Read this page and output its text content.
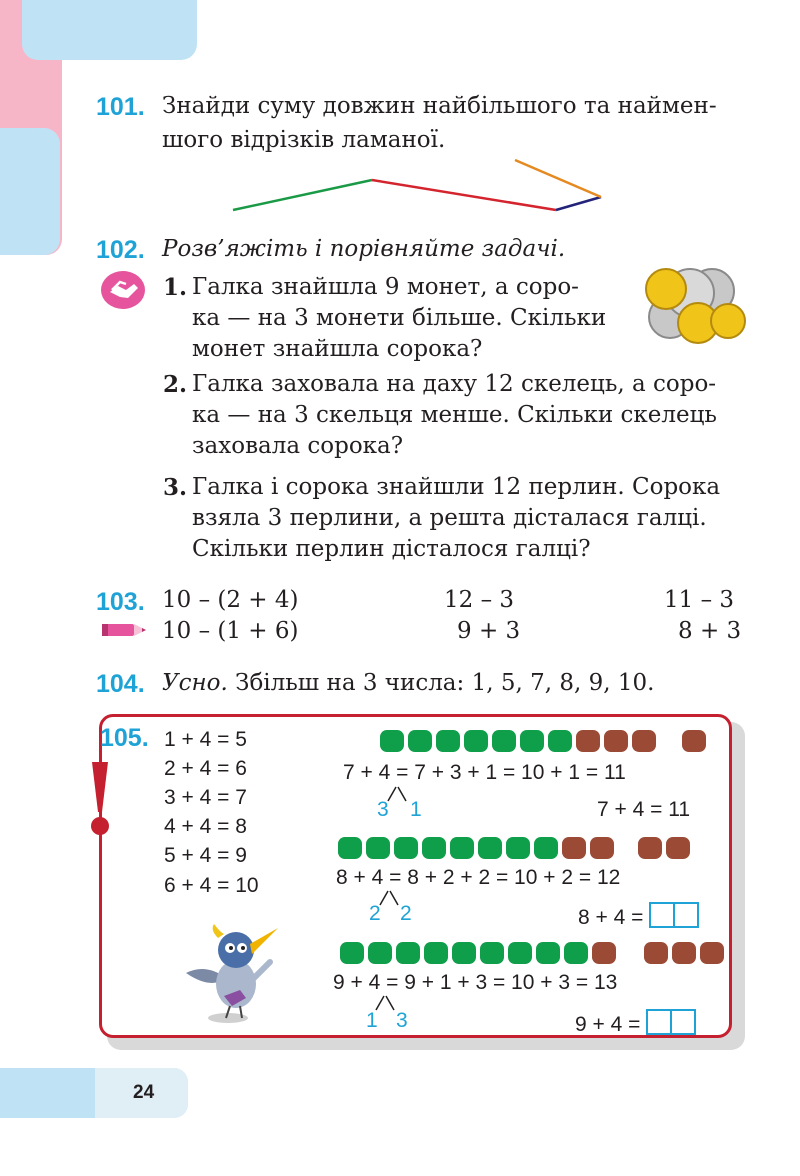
101. Знайди суму довжин найбільшого та наймен-
шого відрізків ламаної.
102. Розв’яжіть і порівняйте задачі.
1. Галка знайшла 9 монет, а соро-
ка — на 3 монети більше. Скільки
монет знайшла сорока?
2. Галка заховала на даху 12 скелець, а соро-
ка — на 3 скельця менше. Скільки скелець
заховала сорока?
3. Галка і сорока знайшли 12 перлин. Сорока
взяла 3 перлини, а решта дісталася галці.
Скільки перлин дісталося галці?
103. 10 – (2 + 4)	12 – 3	11 – 3
10 – (1 + 6)	9 + 3	8 + 3
104. Усно. Збільш на 3 числа: 1, 5, 7, 8, 9, 10.
105. 1 + 4 = 5
2 + 4 = 6
3 + 4 = 7
4 + 4 = 8
5 + 4 = 9
6 + 4 = 10
7 + 4 = 7 + 3 + 1 = 10 + 1 = 11
3 1	7 + 4 = 11
8 + 4 = 8 + 2 + 2 = 10 + 2 = 12
2 2	8 + 4 =
9 + 4 = 9 + 1 + 3 = 10 + 3 = 13
1 3	9 + 4 =
24
